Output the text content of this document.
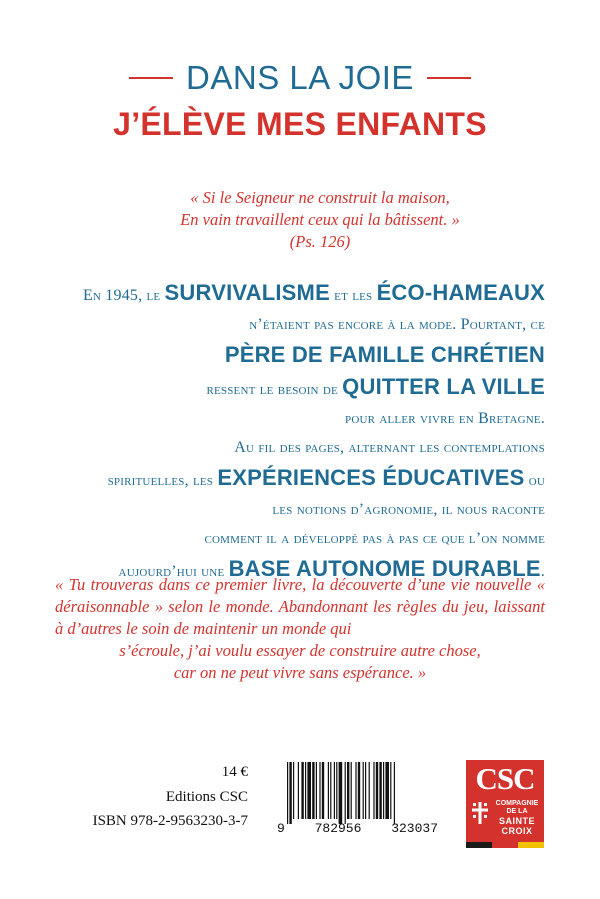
DANS LA JOIE
J’ÉLÈVE MES ENFANTS
« Si le Seigneur ne construit la maison,
En vain travaillent ceux qui la bâtissent. »
(Ps. 126)
En 1945, le SURVIVALISME et les ÉCO-HAMEAUX
n’étaient pas encore à la mode. Pourtant, ce
PÈRE DE FAMILLE CHRÉTIEN
ressent le besoin de QUITTER LA VILLE
pour aller vivre en Bretagne.
Au fil des pages, alternant les contemplations
spirituelles, les EXPÉRIENCES ÉDUCATIVES ou
les notions d’agronomie, il nous raconte
comment il a développé pas à pas ce que l’on nomme
aujourd’hui une BASE AUTONOME DURABLE.
« Tu trouveras dans ce premier livre, la découverte d’une vie nouvelle « déraisonnable » selon le monde. Abandonnant les règles du jeu, laissant à d’autres le soin de maintenir un monde qui
s’écroule, j’ai voulu essayer de construire autre chose,
car on ne peut vivre sans espérance. »
14 €
Editions CSC
ISBN 978-2-9563230-3-7 9 782956 323037
CSC
COMPAGNIE
DE LA
SAINTE
CROIX
